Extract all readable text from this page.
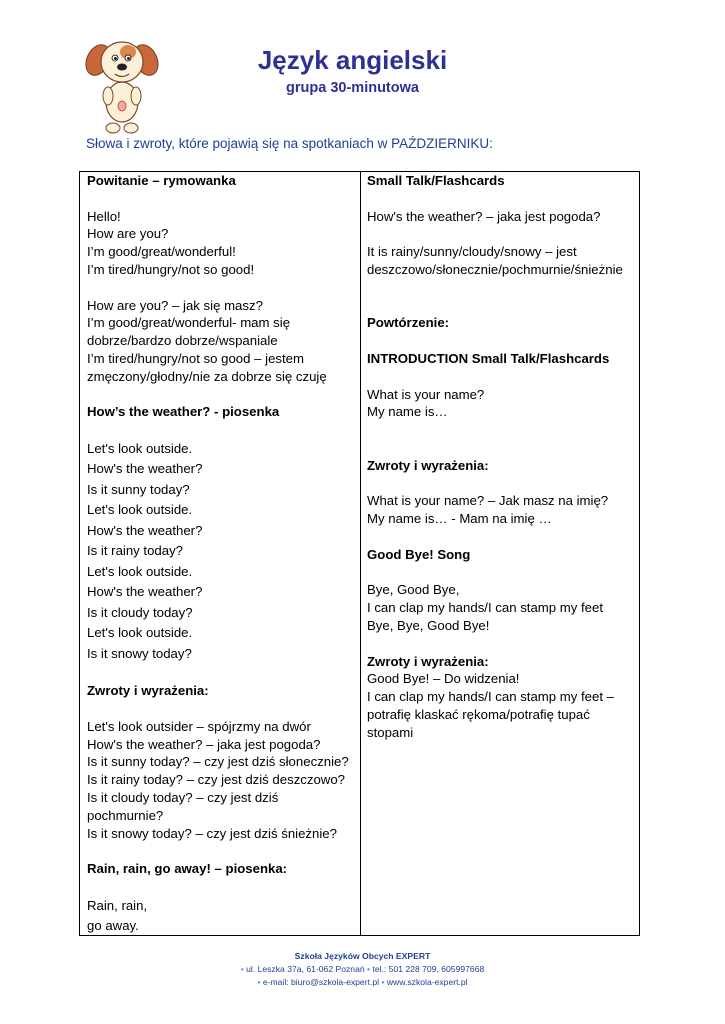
Język angielski
grupa 30-minutowa
Słowa i zwroty, które pojawią się na spotkaniach w PAŹDZIERNIKU:

Powitanie – rymowanka

Hello!

How are you?

I’m good/great/wonderful!

I’m tired/hungry/not so good!

How are you? – jak się masz?

I’m good/great/wonderful- mam się dobrze/bardzo dobrze/wspaniale

I’m tired/hungry/not so good – jestem zmęczony/głodny/nie za dobrze się czuję

How’s the weather? - piosenka

Let's look outside.

How's the weather?

Is it sunny today?

Let's look outside.

How's the weather?

Is it rainy today?

Let's look outside.

How's the weather?

Is it cloudy today?

Let's look outside.

Is it snowy today?

Zwroty i wyrażenia:

Let's look outsider – spójrzmy na dwór

How's the weather? – jaka jest pogoda?

Is it sunny today? – czy jest dziś słonecznie?

Is it rainy today? – czy jest dziś deszczowo?

Is it cloudy today? – czy jest dziś pochmurnie?

Is it snowy today? – czy jest dziś śnieżnie?

Rain, rain, go away! – piosenka:

Rain, rain,

go away.

Small Talk/Flashcards

How's the weather? – jaka jest pogoda?

It is rainy/sunny/cloudy/snowy – jest deszczowo/słonecznie/pochmurnie/śnieżnie

Powtórzenie:

INTRODUCTION Small Talk/Flashcards

What is your name?

My name is…

Zwroty i wyrażenia:

What is your name? – Jak masz na imię?

My name is… - Mam na imię …

Good Bye! Song

Bye, Good Bye,

I can clap my hands/I can stamp my feet

Bye, Bye, Good Bye!

Zwroty i wyrażenia:

Good Bye! – Do widzenia!

I can clap my hands/I can stamp my feet – potrafię klaskać rękoma/potrafię tupać stopami

Szkoła Języków Obcych EXPERT
• ul. Leszka 37a, 61-062 Poznań • tel.: 501 228 709, 605997668
• e-mail: biuro@szkola-expert.pl • www.szkola-expert.pl
